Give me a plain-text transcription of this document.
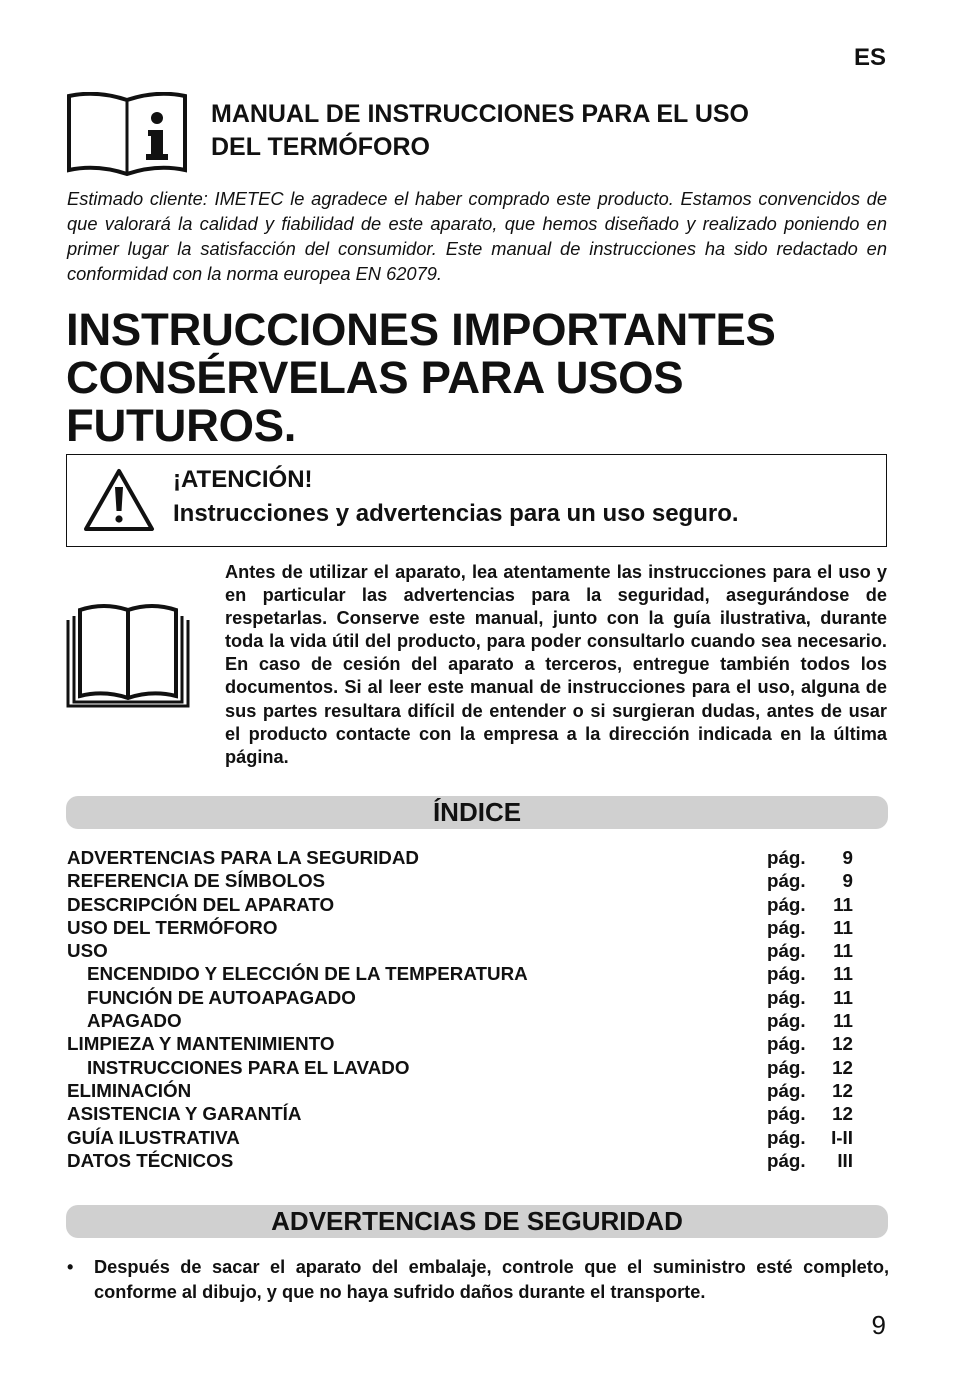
ES
MANUAL DE INSTRUCCIONES PARA EL USO
DEL TERMÓFORO

Estimado cliente: IMETEC le agradece el haber comprado este producto. Estamos convencidos de que valorará la calidad y fiabilidad de este aparato, que hemos diseñado y realizado poniendo en primer lugar la satisfacción del consumidor. Este manual de instrucciones ha sido redactado en conformidad con la norma europea EN 62079.

INSTRUCCIONES IMPORTANTES
CONSÉRVELAS PARA USOS
FUTUROS.
¡ATENCIÓN!
Instrucciones y advertencias para un uso seguro.

Antes de utilizar el aparato, lea atentamente las instrucciones para el uso y en particular las advertencias para la seguridad, asegurándose de respetarlas. Conserve este manual, junto con la guía ilustrativa, durante toda la vida útil del producto, para poder consultarlo cuando sea necesario. En caso de cesión del aparato a terceros, entregue también todos los documentos. Si al leer este manual de instrucciones para el uso, alguna de sus partes resultara difícil de entender o si surgieran dudas, antes de usar el producto contacte con la empresa a la dirección indicada en la última página.

ÍNDICE
ADVERTENCIAS PARA LA SEGURIDAD	pág. 9
REFERENCIA DE SÍMBOLOS	pág. 9
DESCRIPCIÓN DEL APARATO	pág. 11
USO DEL TERMÓFORO	pág. 11
USO	pág. 11
ENCENDIDO Y ELECCIÓN DE LA TEMPERATURA	pág. 11
FUNCIÓN DE AUTOAPAGADO	pág. 11
APAGADO	pág. 11
LIMPIEZA Y MANTENIMIENTO	pág. 12
INSTRUCCIONES PARA EL LAVADO	pág. 12
ELIMINACIÓN	pág. 12
ASISTENCIA Y GARANTÍA	pág. 12
GUÍA ILUSTRATIVA	pág. I-II
DATOS TÉCNICOS	pág. III
ADVERTENCIAS DE SEGURIDAD
• Después de sacar el aparato del embalaje, controle que el suministro esté completo, conforme al dibujo, y que no haya sufrido daños durante el transporte.
9
